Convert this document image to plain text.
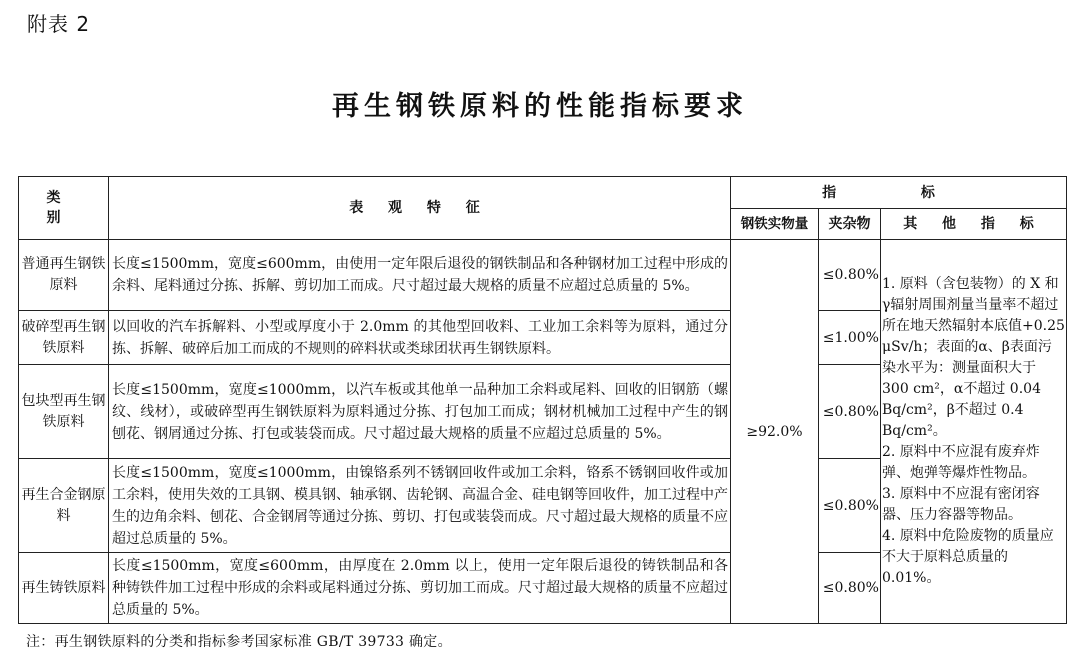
附表 2
再生钢铁原料的性能指标要求
类 别	表 观 特 征	指 标		
		钢铁实物量	夹杂物	其 他 指 标
普通再生钢铁原料	长度≤1500mm，宽度≤600mm，由使用一定年限后退役的钢铁制品和各种钢材加工过程中形成的余料、尾料通过分拣、拆解、剪切加工而成。尺寸超过最大规格的质量不应超过总质量的 5%。	≥92.0%	≤0.80%	1. 原料（含包装物）的 X 和γ辐射周围剂量当量率不超过所在地天然辐射本底值+0.25 μSv/h；表面的α、β表面污染水平为：测量面积大于 300 cm²，α不超过 0.04 Bq/cm²，β不超过 0.4 Bq/cm²。

2. 原料中不应混有废弃炸弹、炮弹等爆炸性物品。

3. 原料中不应混有密闭容器、压力容器等物品。

4. 原料中危险废物的质量应不大于原料总质量的 0.01%。

破碎型再生钢铁原料	以回收的汽车拆解料、小型或厚度小于 2.0mm 的其他型回收料、工业加工余料等为原料，通过分拣、拆解、破碎后加工而成的不规则的碎料状或类球团状再生钢铁原料。		≤1.00%	
包块型再生钢铁原料	长度≤1500mm，宽度≤1000mm，以汽车板或其他单一品种加工余料或尾料、回收的旧钢筋（螺纹、线材），或破碎型再生钢铁原料为原料通过分拣、打包加工而成；钢材机械加工过程中产生的钢刨花、钢屑通过分拣、打包或装袋而成。尺寸超过最大规格的质量不应超过总质量的 5%。		≤0.80%	
再生合金钢原料	长度≤1500mm，宽度≤1000mm，由镍铬系列不锈钢回收件或加工余料，铬系不锈钢回收件或加工余料，使用失效的工具钢、模具钢、轴承钢、齿轮钢、高温合金、硅电钢等回收件，加工过程中产生的边角余料、刨花、合金钢屑等通过分拣、剪切、打包或装袋而成。尺寸超过最大规格的质量不应超过总质量的 5%。		≤0.80%	
再生铸铁原料	长度≤1500mm，宽度≤600mm，由厚度在 2.0mm 以上，使用一定年限后退役的铸铁制品和各种铸铁件加工过程中形成的余料或尾料通过分拣、剪切加工而成。尺寸超过最大规格的质量不应超过总质量的 5%。		≤0.80%	
注：再生钢铁原料的分类和指标参考国家标准 GB/T 39733 确定。
